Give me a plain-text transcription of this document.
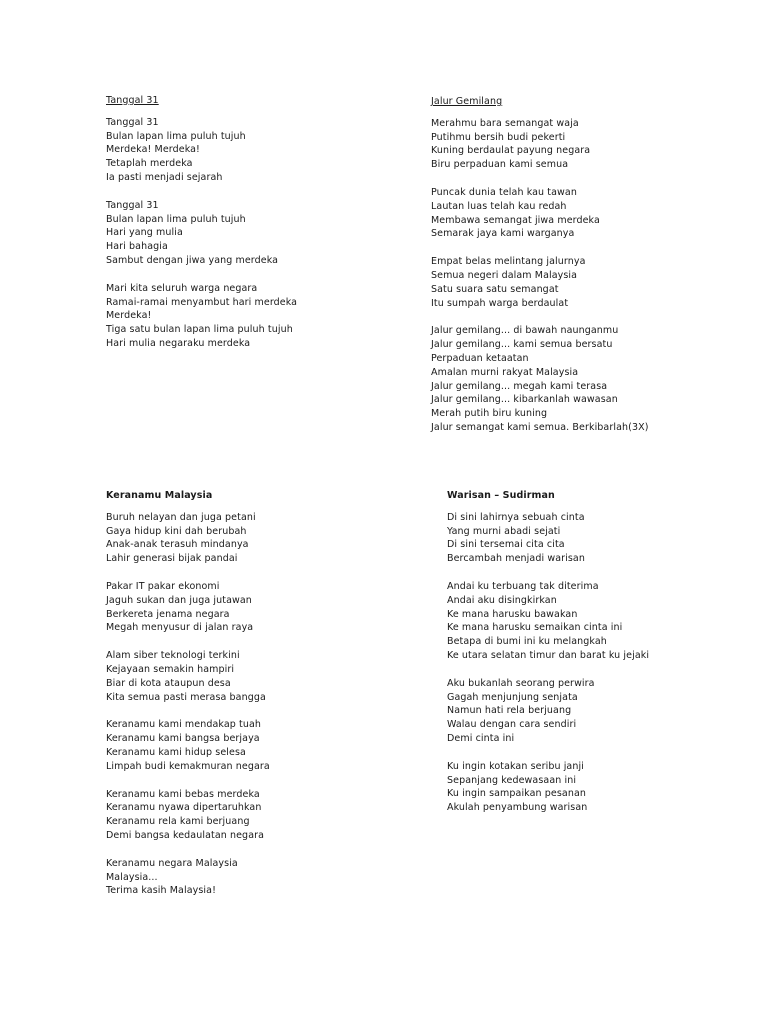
Tanggal 31
Tanggal 31
Bulan lapan lima puluh tujuh
Merdeka! Merdeka!
Tetaplah merdeka
Ia pasti menjadi sejarah
Tanggal 31
Bulan lapan lima puluh tujuh
Hari yang mulia
Hari bahagia
Sambut dengan jiwa yang merdeka
Mari kita seluruh warga negara
Ramai-ramai menyambut hari merdeka
Merdeka!
Tiga satu bulan lapan lima puluh tujuh
Hari mulia negaraku merdeka
Jalur Gemilang
Merahmu bara semangat waja
Putihmu bersih budi pekerti
Kuning berdaulat payung negara
Biru perpaduan kami semua
Puncak dunia telah kau tawan
Lautan luas telah kau redah
Membawa semangat jiwa merdeka
Semarak jaya kami warganya
Empat belas melintang jalurnya
Semua negeri dalam Malaysia
Satu suara satu semangat
Itu sumpah warga berdaulat
Jalur gemilang... di bawah naunganmu
Jalur gemilang... kami semua bersatu
Perpaduan ketaatan
Amalan murni rakyat Malaysia
Jalur gemilang... megah kami terasa
Jalur gemilang... kibarkanlah wawasan
Merah putih biru kuning
Jalur semangat kami semua. Berkibarlah(3X)
Keranamu Malaysia
Buruh nelayan dan juga petani
Gaya hidup kini dah berubah
Anak-anak terasuh mindanya
Lahir generasi bijak pandai
Pakar IT pakar ekonomi
Jaguh sukan dan juga jutawan
Berkereta jenama negara
Megah menyusur di jalan raya
Alam siber teknologi terkini
Kejayaan semakin hampiri
Biar di kota ataupun desa
Kita semua pasti merasa bangga
Keranamu kami mendakap tuah
Keranamu kami bangsa berjaya
Keranamu kami hidup selesa
Limpah budi kemakmuran negara
Keranamu kami bebas merdeka
Keranamu nyawa dipertaruhkan
Keranamu rela kami berjuang
Demi bangsa kedaulatan negara
Keranamu negara Malaysia
Malaysia...
Terima kasih Malaysia!
Warisan – Sudirman
Di sini lahirnya sebuah cinta
Yang murni abadi sejati
Di sini tersemai cita cita
Bercambah menjadi warisan
Andai ku terbuang tak diterima
Andai aku disingkirkan
Ke mana harusku bawakan
Ke mana harusku semaikan cinta ini
Betapa di bumi ini ku melangkah
Ke utara selatan timur dan barat ku jejaki
Aku bukanlah seorang perwira
Gagah menjunjung senjata
Namun hati rela berjuang
Walau dengan cara sendiri
Demi cinta ini
Ku ingin kotakan seribu janji
Sepanjang kedewasaan ini
Ku ingin sampaikan pesanan
Akulah penyambung warisan
